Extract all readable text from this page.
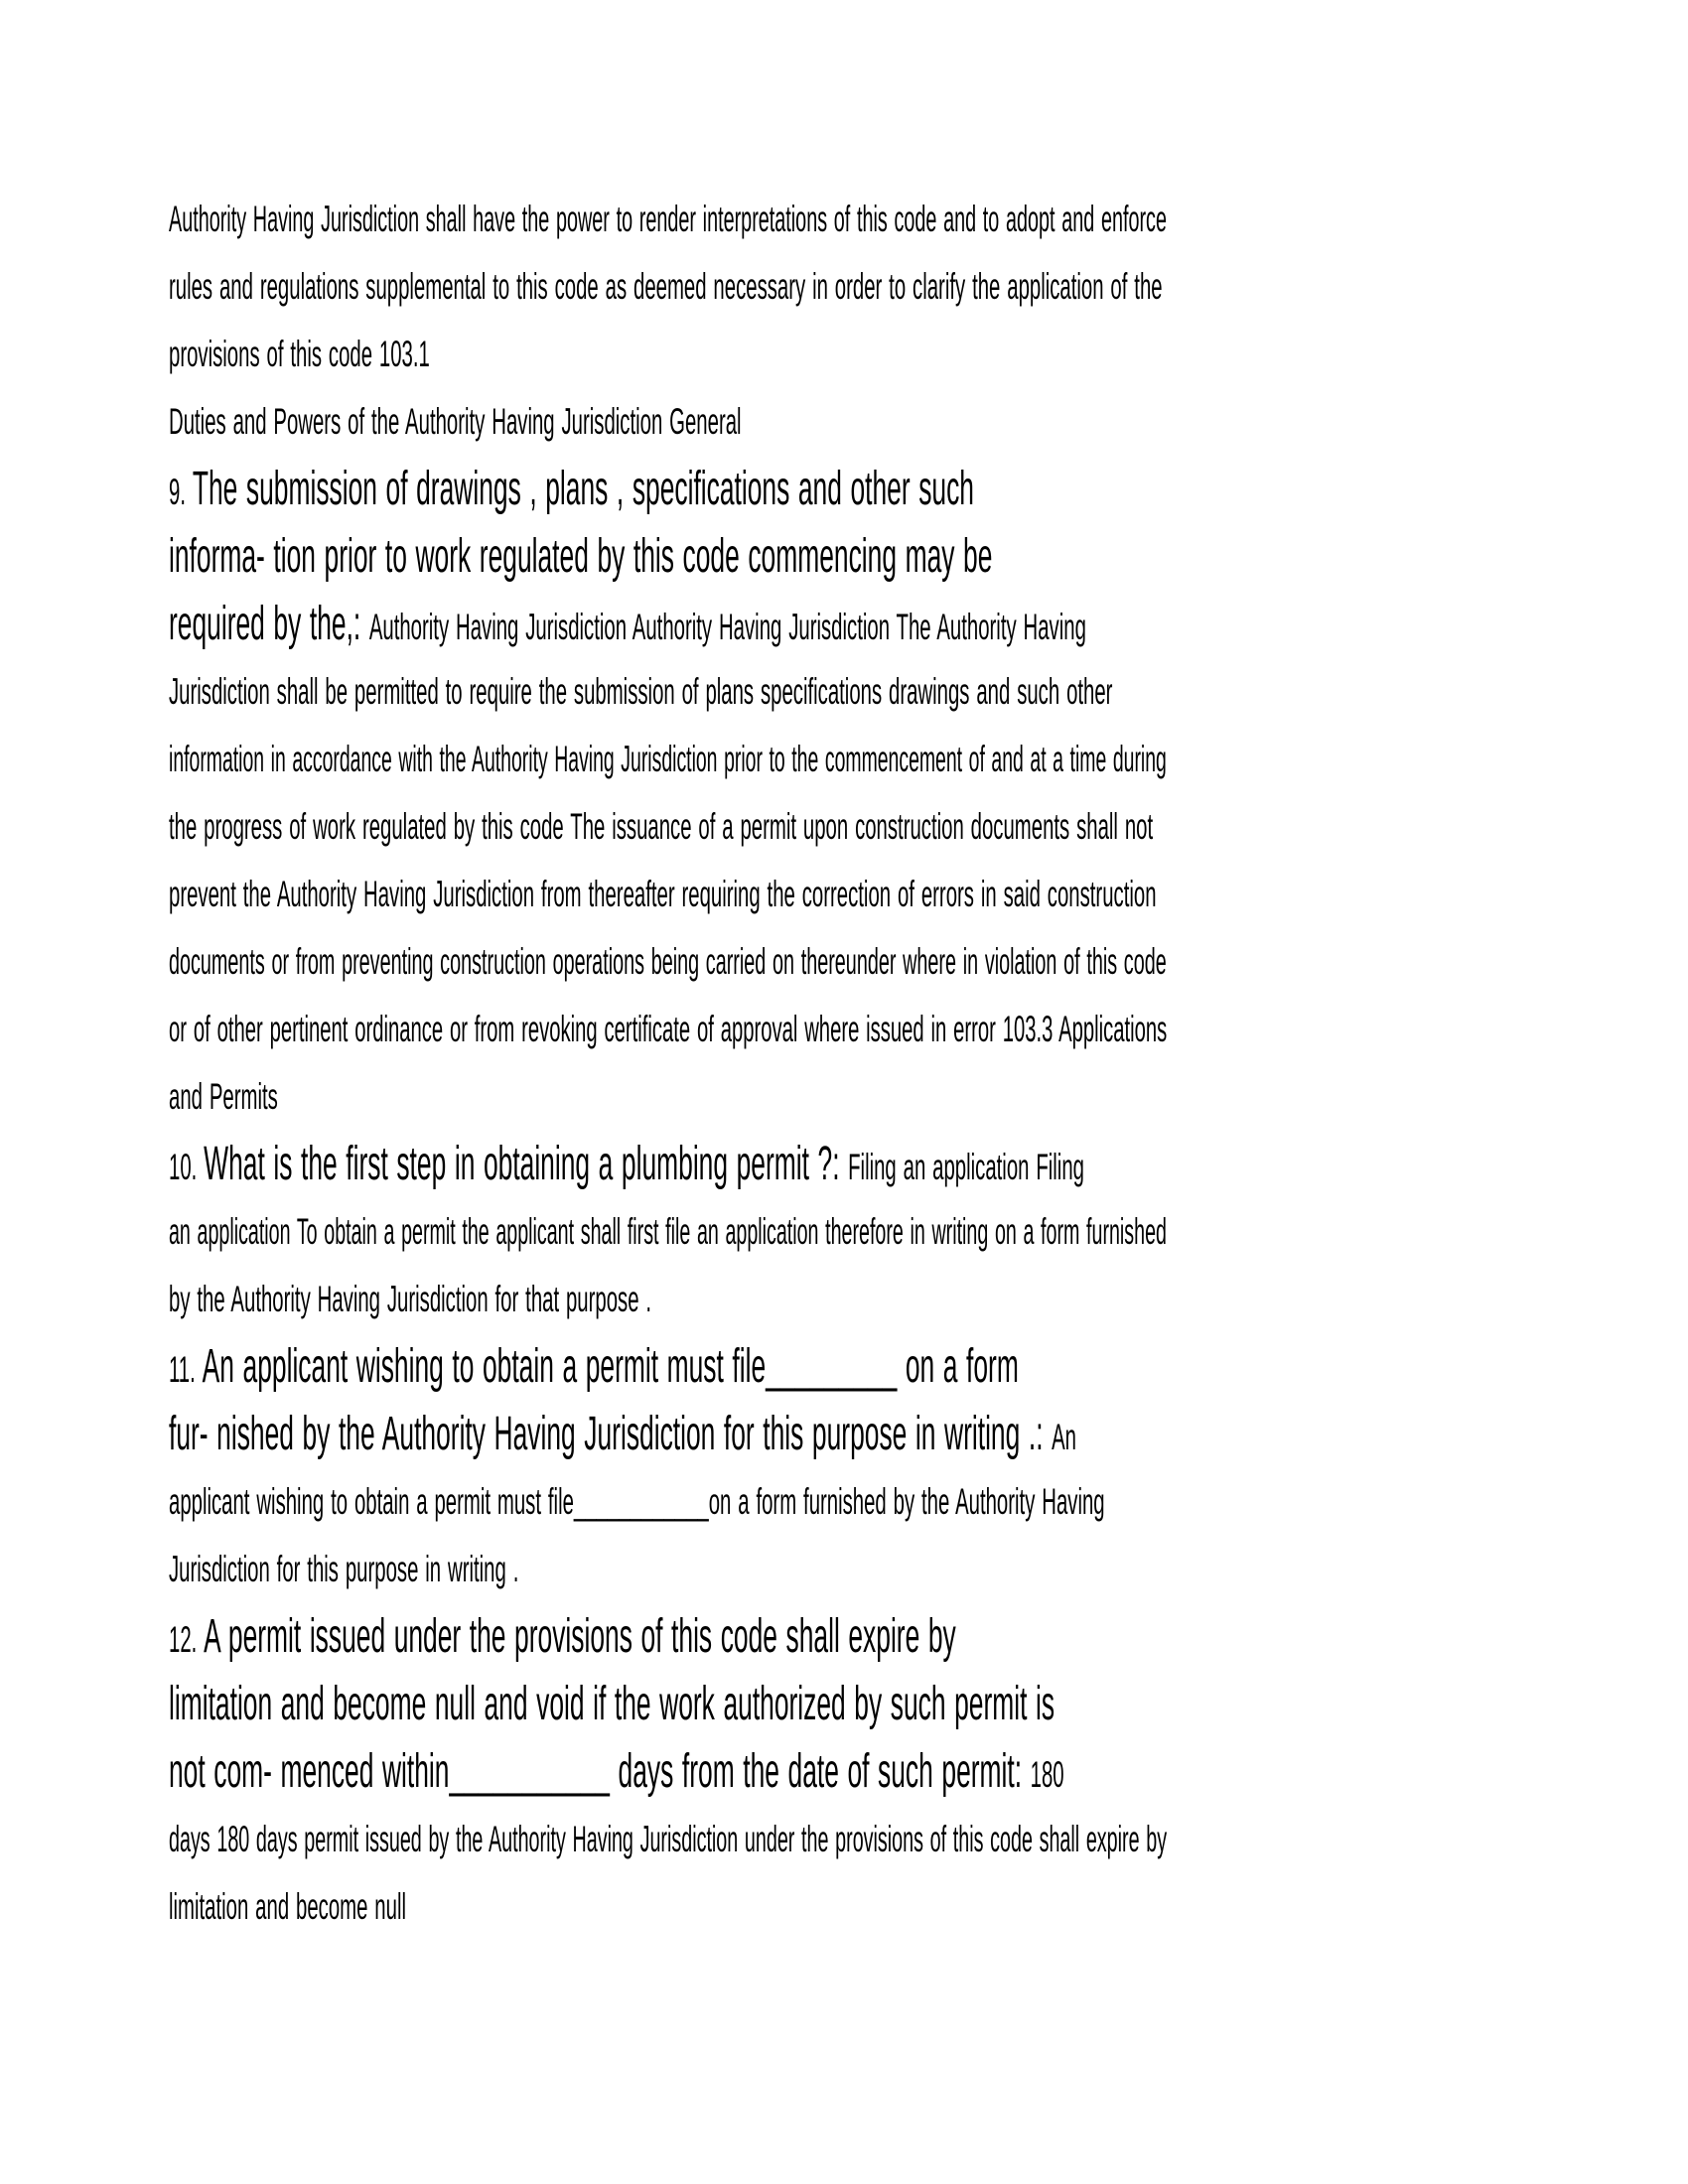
Authority Having Jurisdiction shall have the power to render interpretations of this code and to adopt and enforce
rules and regulations supplemental to this code as deemed necessary in order to clarify the application of the
provisions of this code 103.1
Duties and Powers of the Authority Having Jurisdiction General
9. The submission of drawings , plans , specifications and other such
informa- tion prior to work regulated by this code commencing may be
required by the,: Authority Having Jurisdiction Authority Having Jurisdiction The Authority Having
Jurisdiction shall be permitted to require the submission of plans specifications drawings and such other
information in accordance with the Authority Having Jurisdiction prior to the commencement of and at a time during
the progress of work regulated by this code The issuance of a permit upon construction documents shall not
prevent the Authority Having Jurisdiction from thereafter requiring the correction of errors in said construction
documents or from preventing construction operations being carried on thereunder where in violation of this code
or of other pertinent ordinance or from revoking certificate of approval where issued in error 103.3 Applications
and Permits
10. What is the first step in obtaining a plumbing permit ?: Filing an application Filing
an application To obtain a permit the applicant shall first file an application therefore in writing on a form furnished
by the Authority Having Jurisdiction for that purpose .
11. An applicant wishing to obtain a permit must file_________ on a form
fur- nished by the Authority Having Jurisdiction for this purpose in writing .: An
applicant wishing to obtain a permit must file____________on a form furnished by the Authority Having
Jurisdiction for this purpose in writing .
12. A permit issued under the provisions of this code shall expire by
limitation and become null and void if the work authorized by such permit is
not com- menced within___________ days from the date of such permit: 180
days 180 days permit issued by the Authority Having Jurisdiction under the provisions of this code shall expire by
limitation and become null
